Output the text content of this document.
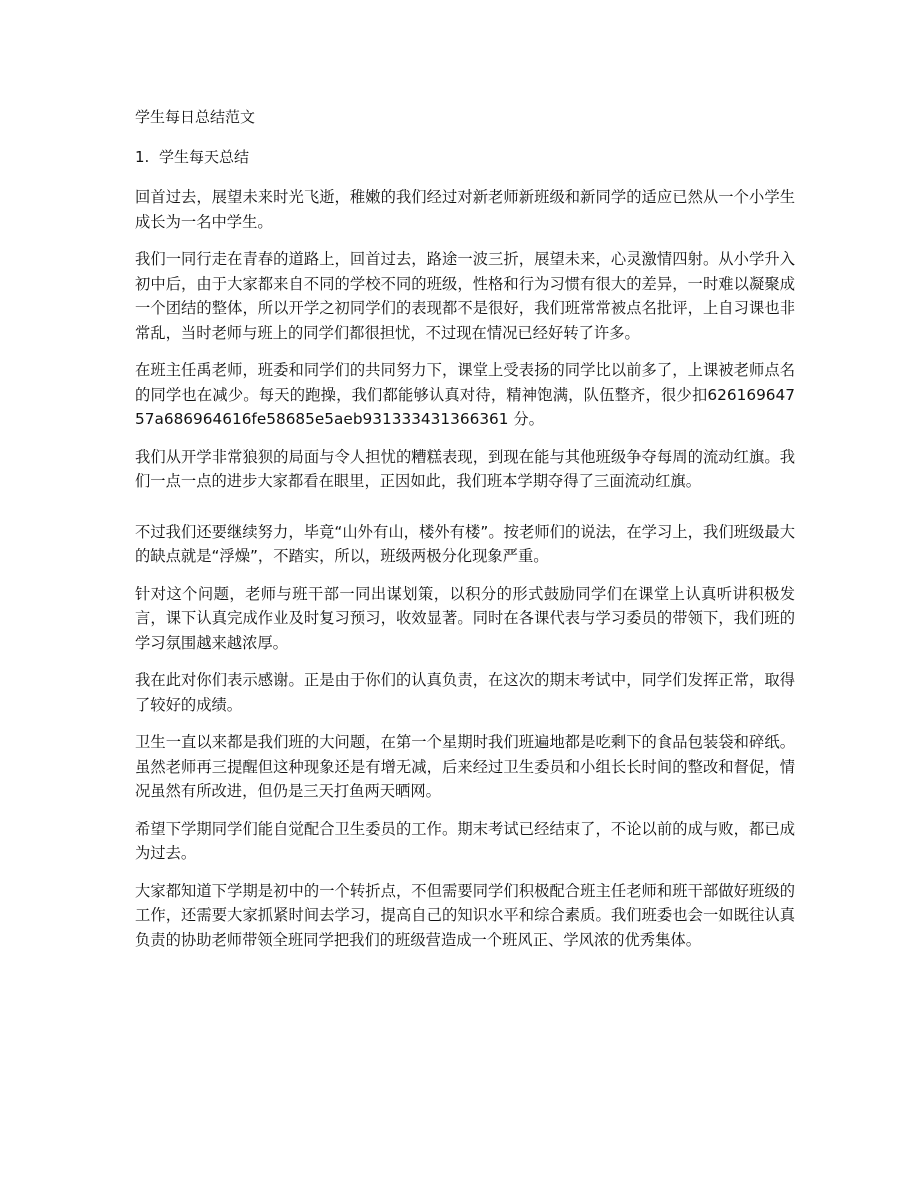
学生每日总结范文
1. 学生每天总结

回首过去，展望未来时光飞逝，稚嫩的我们经过对新老师新班级和新同学的适应已然从一个小学生成长为一名中学生。

我们一同行走在青春的道路上，回首过去，路途一波三折，展望未来，心灵激情四射。从小学升入初中后，由于大家都来自不同的学校不同的班级，性格和行为习惯有很大的差异，一时难以凝聚成一个团结的整体，所以开学之初同学们的表现都不是很好，我们班常常被点名批评，上自习课也非常乱，当时老师与班上的同学们都很担忧，不过现在情况已经好转了许多。

在班主任禹老师，班委和同学们的共同努力下，课堂上受表扬的同学比以前多了，上课被老师点名的同学也在减少。每天的跑操，我们都能够认真对待，精神饱满，队伍整齐，很少扣62616964757a686964616fe58685e5aeb931333431366361 分。

我们从开学非常狼狈的局面与令人担忧的糟糕表现，到现在能与其他班级争夺每周的流动红旗。我们一点一点的进步大家都看在眼里，正因如此，我们班本学期夺得了三面流动红旗。

不过我们还要继续努力，毕竟“山外有山，楼外有楼”。按老师们的说法，在学习上，我们班级最大的缺点就是“浮燥”，不踏实，所以，班级两极分化现象严重。

针对这个问题，老师与班干部一同出谋划策，以积分的形式鼓励同学们在课堂上认真听讲积极发言，课下认真完成作业及时复习预习，收效显著。同时在各课代表与学习委员的带领下，我们班的学习氛围越来越浓厚。

我在此对你们表示感谢。正是由于你们的认真负责，在这次的期末考试中，同学们发挥正常，取得了较好的成绩。

卫生一直以来都是我们班的大问题，在第一个星期时我们班遍地都是吃剩下的食品包装袋和碎纸。虽然老师再三提醒但这种现象还是有增无减，后来经过卫生委员和小组长长时间的整改和督促，情况虽然有所改进，但仍是三天打鱼两天晒网。

希望下学期同学们能自觉配合卫生委员的工作。期末考试已经结束了，不论以前的成与败，都已成为过去。

大家都知道下学期是初中的一个转折点，不但需要同学们积极配合班主任老师和班干部做好班级的工作，还需要大家抓紧时间去学习，提高自己的知识水平和综合素质。我们班委也会一如既往认真负责的协助老师带领全班同学把我们的班级营造成一个班风正、学风浓的优秀集体。
